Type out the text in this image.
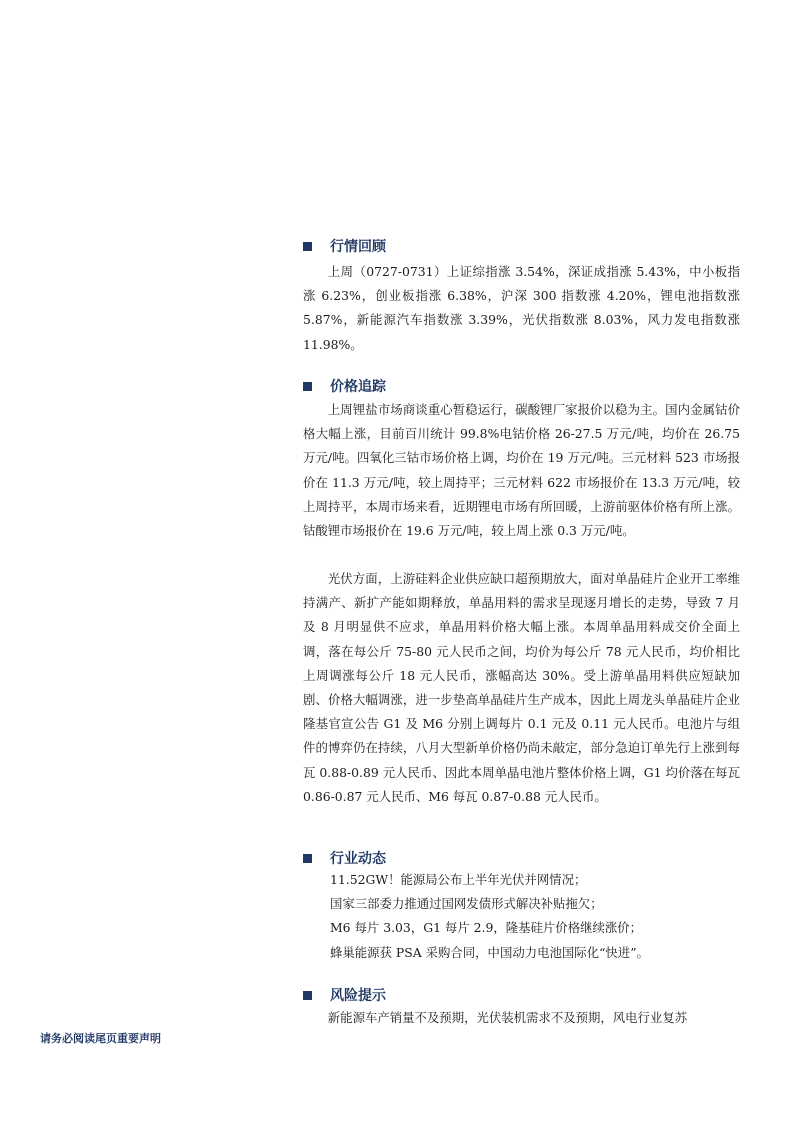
行情回顾

上周（0727-0731）上证综指涨 3.54%，深证成指涨 5.43%，中小板指涨 6.23%，创业板指涨 6.38%，沪深 300 指数涨 4.20%，锂电池指数涨 5.87%，新能源汽车指数涨 3.39%，光伏指数涨 8.03%，风力发电指数涨 11.98%。

价格追踪

上周锂盐市场商谈重心暂稳运行，碳酸锂厂家报价以稳为主。国内金属钴价格大幅上涨，目前百川统计 99.8%电钴价格 26-27.5 万元/吨，均价在 26.75 万元/吨。四氧化三钴市场价格上调，均价在 19 万元/吨。三元材料 523 市场报价在 11.3 万元/吨，较上周持平；三元材料 622 市场报价在 13.3 万元/吨，较上周持平，本周市场来看，近期锂电市场有所回暖，上游前驱体价格有所上涨。钴酸锂市场报价在 19.6 万元/吨，较上周上涨 0.3 万元/吨。

光伏方面，上游硅料企业供应缺口超预期放大，面对单晶硅片企业开工率维持满产、新扩产能如期释放，单晶用料的需求呈现逐月增长的走势，导致 7 月及 8 月明显供不应求，单晶用料价格大幅上涨。本周单晶用料成交价全面上调，落在每公斤 75-80 元人民币之间，均价为每公斤 78 元人民币，均价相比上周调涨每公斤 18 元人民币，涨幅高达 30%。受上游单晶用料供应短缺加剧、价格大幅调涨，进一步垫高单晶硅片生产成本，因此上周龙头单晶硅片企业隆基官宣公告 G1 及 M6 分别上调每片 0.1 元及 0.11 元人民币。电池片与组件的博弈仍在持续，八月大型新单价格仍尚未敲定，部分急迫订单先行上涨到每瓦 0.88-0.89 元人民币、因此本周单晶电池片整体价格上调，G1 均价落在每瓦 0.86-0.87 元人民币、M6 每瓦 0.87-0.88 元人民币。

行业动态
11.52GW！能源局公布上半年光伏并网情况；
国家三部委力推通过国网发债形式解决补贴拖欠；
M6 每片 3.03，G1 每片 2.9，隆基硅片价格继续涨价；
蜂巢能源获 PSA 采购合同，中国动力电池国际化“快进”。
风险提示

新能源车产销量不及预期，光伏装机需求不及预期，风电行业复苏

请务必阅读尾页重要声明
